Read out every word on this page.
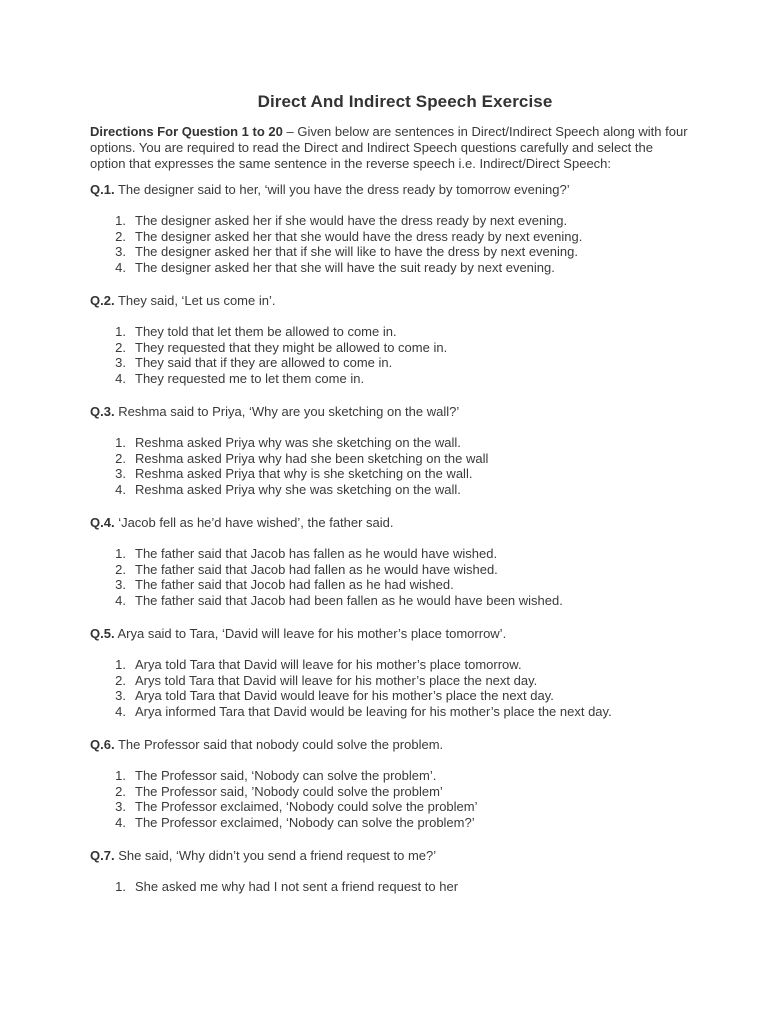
Direct And Indirect Speech Exercise

Directions For Question 1 to 20 – Given below are sentences in Direct/Indirect Speech along with four options. You are required to read the Direct and Indirect Speech questions carefully and select the option that expresses the same sentence in the reverse speech i.e. Indirect/Direct Speech:

Q.1. The designer said to her, ‘will you have the dress ready by tomorrow evening?’

1. The designer asked her if she would have the dress ready by next evening.
2. The designer asked her that she would have the dress ready by next evening.
3. The designer asked her that if she will like to have the dress by next evening.
4. The designer asked her that she will have the suit ready by next evening.

Q.2. They said, ‘Let us come in’.

1. They told that let them be allowed to come in.
2. They requested that they might be allowed to come in.
3. They said that if they are allowed to come in.
4. They requested me to let them come in.

Q.3. Reshma said to Priya, ‘Why are you sketching on the wall?’

1. Reshma asked Priya why was she sketching on the wall.
2. Reshma asked Priya why had she been sketching on the wall
3. Reshma asked Priya that why is she sketching on the wall.
4. Reshma asked Priya why she was sketching on the wall.

Q.4. ‘Jacob fell as he’d have wished’, the father said.

1. The father said that Jacob has fallen as he would have wished.
2. The father said that Jacob had fallen as he would have wished.
3. The father said that Jocob had fallen as he had wished.
4. The father said that Jacob had been fallen as he would have been wished.

Q.5. Arya said to Tara, ‘David will leave for his mother’s place tomorrow’.

1. Arya told Tara that David will leave for his mother’s place tomorrow.
2. Arys told Tara that David will leave for his mother’s place the next day.
3. Arya told Tara that David would leave for his mother’s place the next day.
4. Arya informed Tara that David would be leaving for his mother’s place the next day.

Q.6. The Professor said that nobody could solve the problem.

1. The Professor said, ‘Nobody can solve the problem’.
2. The Professor said, ’Nobody could solve the problem’
3. The Professor exclaimed, ‘Nobody could solve the problem’
4. The Professor exclaimed, ‘Nobody can solve the problem?’

Q.7. She said, ‘Why didn’t you send a friend request to me?’

1. She asked me why had I not sent a friend request to her
